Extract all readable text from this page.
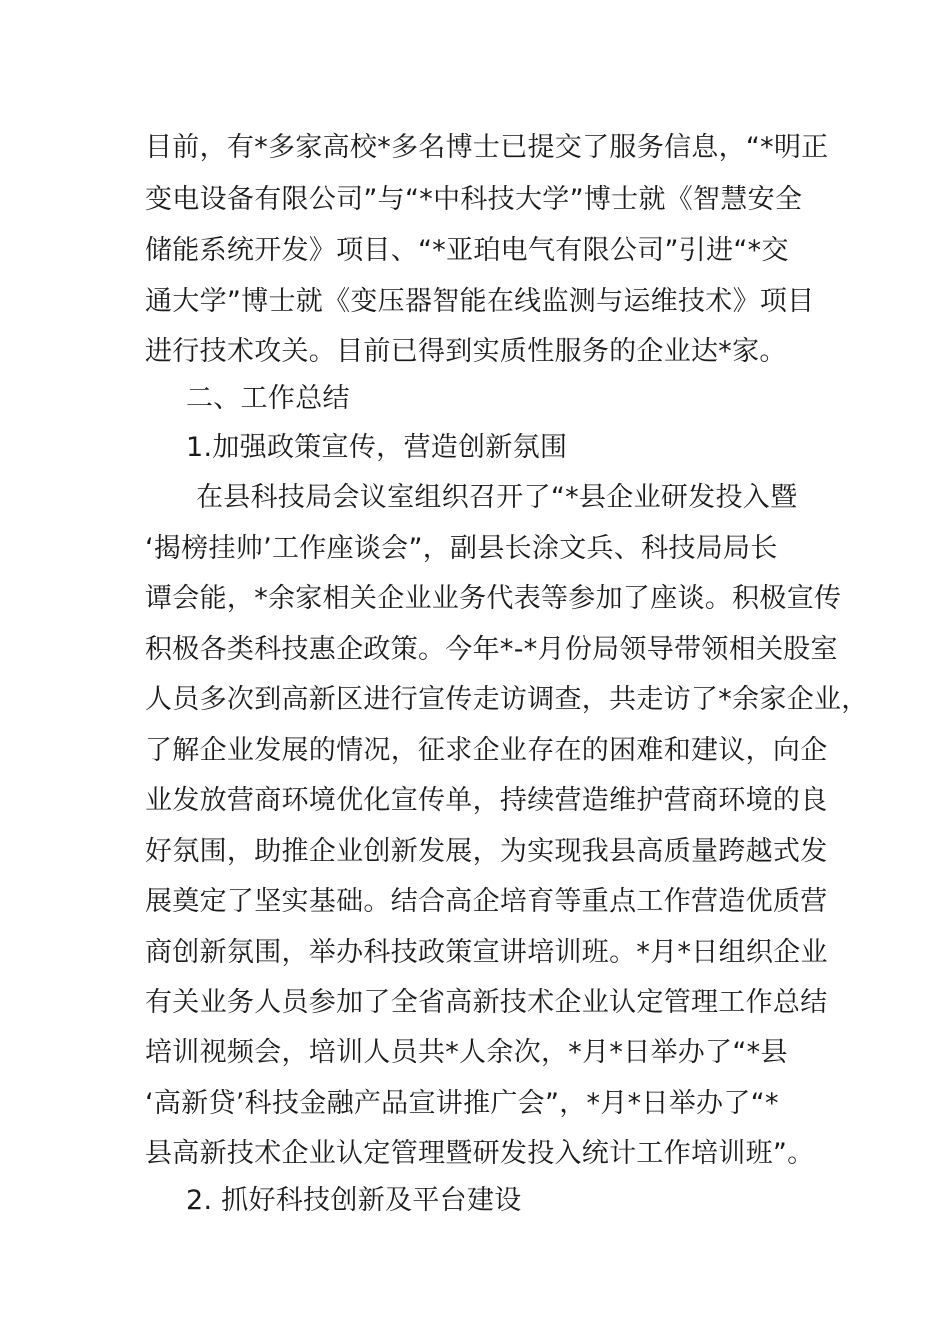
目前，有*多家高校*多名博士已提交了服务信息，“*明正
变电设备有限公司”与“*中科技大学”博士就《智慧安全
储能系统开发》项目、“*亚珀电气有限公司”引进“*交
通大学”博士就《变压器智能在线监测与运维技术》项目
进行技术攻关。目前已得到实质性服务的企业达*家。
二、工作总结
1.加强政策宣传，营造创新氛围
在县科技局会议室组织召开了“*县企业研发投入暨
‘揭榜挂帅’工作座谈会”，副县长涂文兵、科技局局长
谭会能，*余家相关企业业务代表等参加了座谈。积极宣传
积极各类科技惠企政策。今年*-*月份局领导带领相关股室
人员多次到高新区进行宣传走访调查，共走访了*余家企业，
了解企业发展的情况，征求企业存在的困难和建议，向企
业发放营商环境优化宣传单，持续营造维护营商环境的良
好氛围，助推企业创新发展，为实现我县高质量跨越式发
展奠定了坚实基础。结合高企培育等重点工作营造优质营
商创新氛围，举办科技政策宣讲培训班。*月*日组织企业
有关业务人员参加了全省高新技术企业认定管理工作总结
培训视频会，培训人员共*人余次，*月*日举办了“*县
‘高新贷’科技金融产品宣讲推广会”，*月*日举办了“*
县高新技术企业认定管理暨研发投入统计工作培训班”。
2. 抓好科技创新及平台建设
